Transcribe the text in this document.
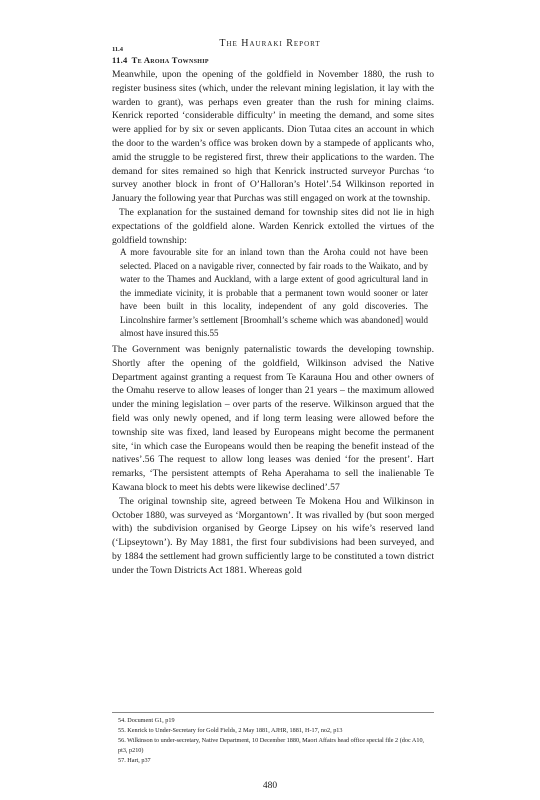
The Hauraki Report
11.4
11.4 Te Aroha Township

Meanwhile, upon the opening of the goldfield in November 1880, the rush to register business sites (which, under the relevant mining legislation, it lay with the warden to grant), was perhaps even greater than the rush for mining claims. Kenrick reported ‘considerable difficulty’ in meeting the demand, and some sites were applied for by six or seven applicants. Dion Tutaa cites an account in which the door to the warden’s office was broken down by a stampede of applicants who, amid the struggle to be registered first, threw their applications to the warden. The demand for sites remained so high that Kenrick instructed surveyor Purchas ‘to survey another block in front of O’Halloran’s Hotel’.54 Wilkinson reported in January the following year that Purchas was still engaged on work at the township.

The explanation for the sustained demand for township sites did not lie in high expectations of the goldfield alone. Warden Kenrick extolled the virtues of the goldfield township:

A more favourable site for an inland town than the Aroha could not have been selected. Placed on a navigable river, connected by fair roads to the Waikato, and by water to the Thames and Auckland, with a large extent of good agricultural land in the immediate vicinity, it is probable that a permanent town would sooner or later have been built in this locality, independent of any gold discoveries. The Lincolnshire farmer’s settlement [Broomhall’s scheme which was abandoned] would almost have insured this.55

The Government was benignly paternalistic towards the developing township. Shortly after the opening of the goldfield, Wilkinson advised the Native Department against granting a request from Te Karauna Hou and other owners of the Omahu reserve to allow leases of longer than 21 years – the maximum allowed under the mining legislation – over parts of the reserve. Wilkinson argued that the field was only newly opened, and if long term leasing were allowed before the township site was fixed, land leased by Europeans might become the permanent site, ‘in which case the Europeans would then be reaping the benefit instead of the natives’.56 The request to allow long leases was denied ‘for the present’. Hart remarks, ‘The persistent attempts of Reha Aperahama to sell the inalienable Te Kawana block to meet his debts were likewise declined’.57

The original township site, agreed between Te Mokena Hou and Wilkinson in October 1880, was surveyed as ‘Morgantown’. It was rivalled by (but soon merged with) the subdivision organised by George Lipsey on his wife’s reserved land (‘Lipseytown’). By May 1881, the first four subdivisions had been surveyed, and by 1884 the settlement had grown sufficiently large to be constituted a town district under the Town Districts Act 1881. Whereas gold

54. Document G1, p19
55. Kenrick to Under-Secretary for Gold Fields, 2 May 1881, AJHR, 1881, H-17, no2, p13
56. Wilkinson to under-secretary, Native Department, 10 December 1880, Maori Affairs head office special file 2 (doc A10, pt3, p210)
57. Hart, p37
480
